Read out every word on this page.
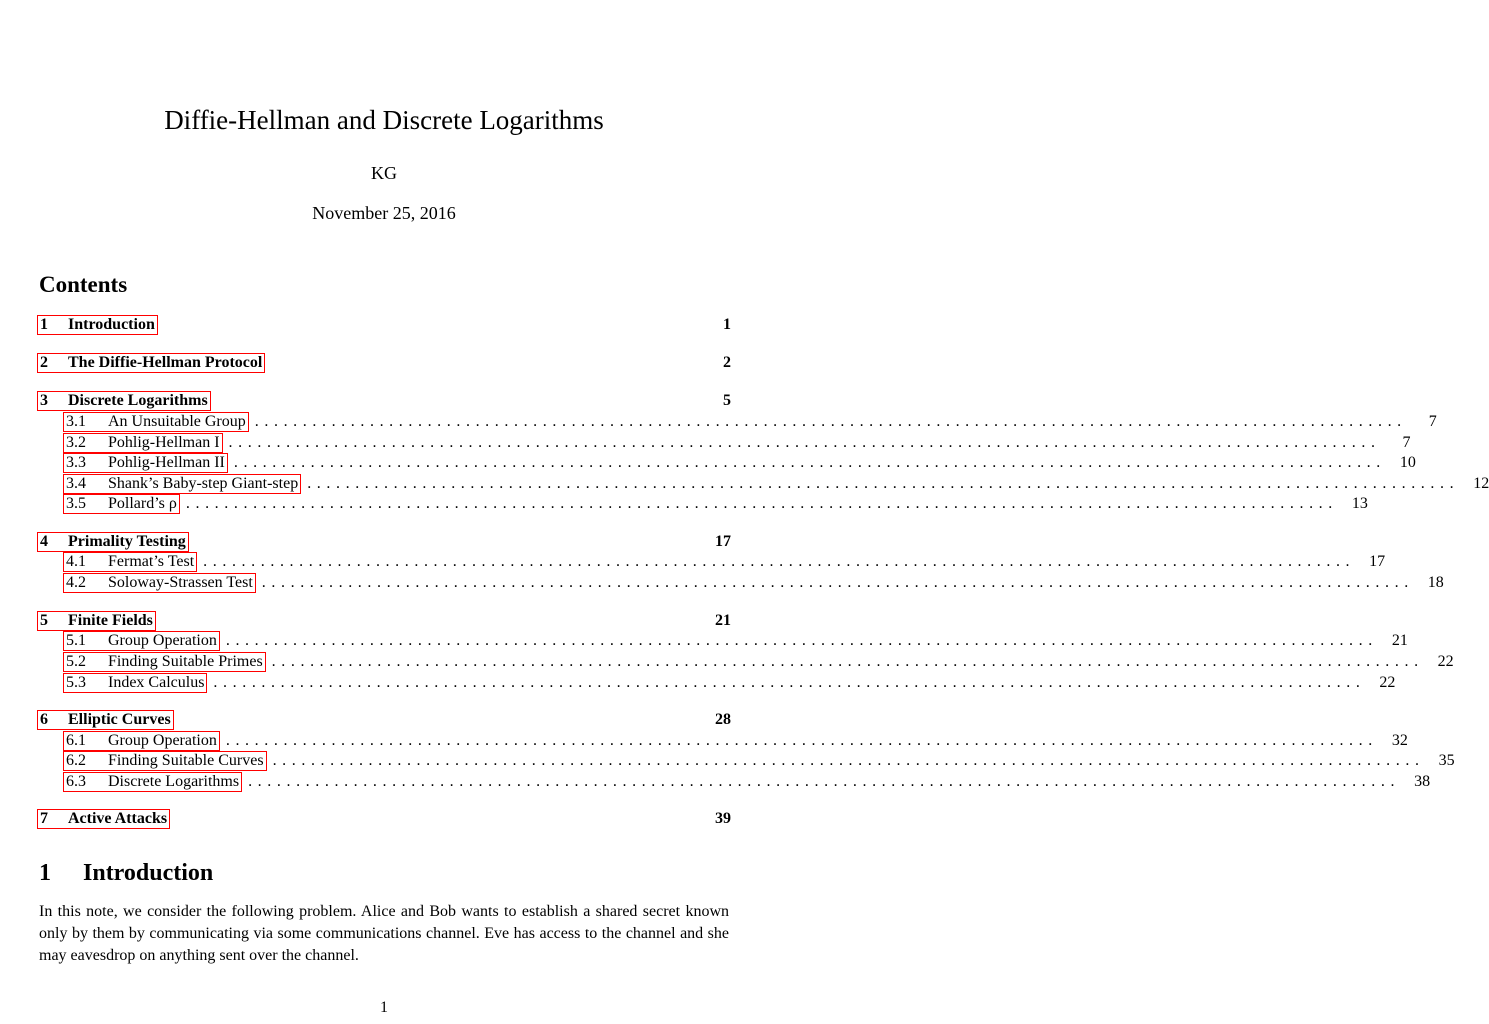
Diffie-Hellman and Discrete Logarithms
KG
November 25, 2016
Contents
1	Introduction	1
2	The Diffie-Hellman Protocol	2
3	Discrete Logarithms	5
3.1	An Unsuitable Group ........................................................................................................................	7
3.2	Pohlig-Hellman I ........................................................................................................................	7
3.3	Pohlig-Hellman II ........................................................................................................................ 10
3.4	Shank’s Baby-step Giant-step ........................................................................................................................ 12
3.5	Pollard’s ρ ........................................................................................................................ 13
4	Primality Testing	17
4.1	Fermat’s Test ........................................................................................................................ 17
4.2	Soloway-Strassen Test ........................................................................................................................ 18
5	Finite Fields	21
5.1	Group Operation ........................................................................................................................ 21
5.2	Finding Suitable Primes ........................................................................................................................ 22
5.3	Index Calculus ........................................................................................................................ 22
6	Elliptic Curves	28
6.1	Group Operation ........................................................................................................................ 32
6.2	Finding Suitable Curves ........................................................................................................................ 35
6.3	Discrete Logarithms ........................................................................................................................ 38
7	Active Attacks	39
1 Introduction
In this note, we consider the following problem. Alice and Bob wants to establish a shared secret known only by them by communicating via some communications channel. Eve has access to the channel and she may eavesdrop on anything sent over the channel.
1
